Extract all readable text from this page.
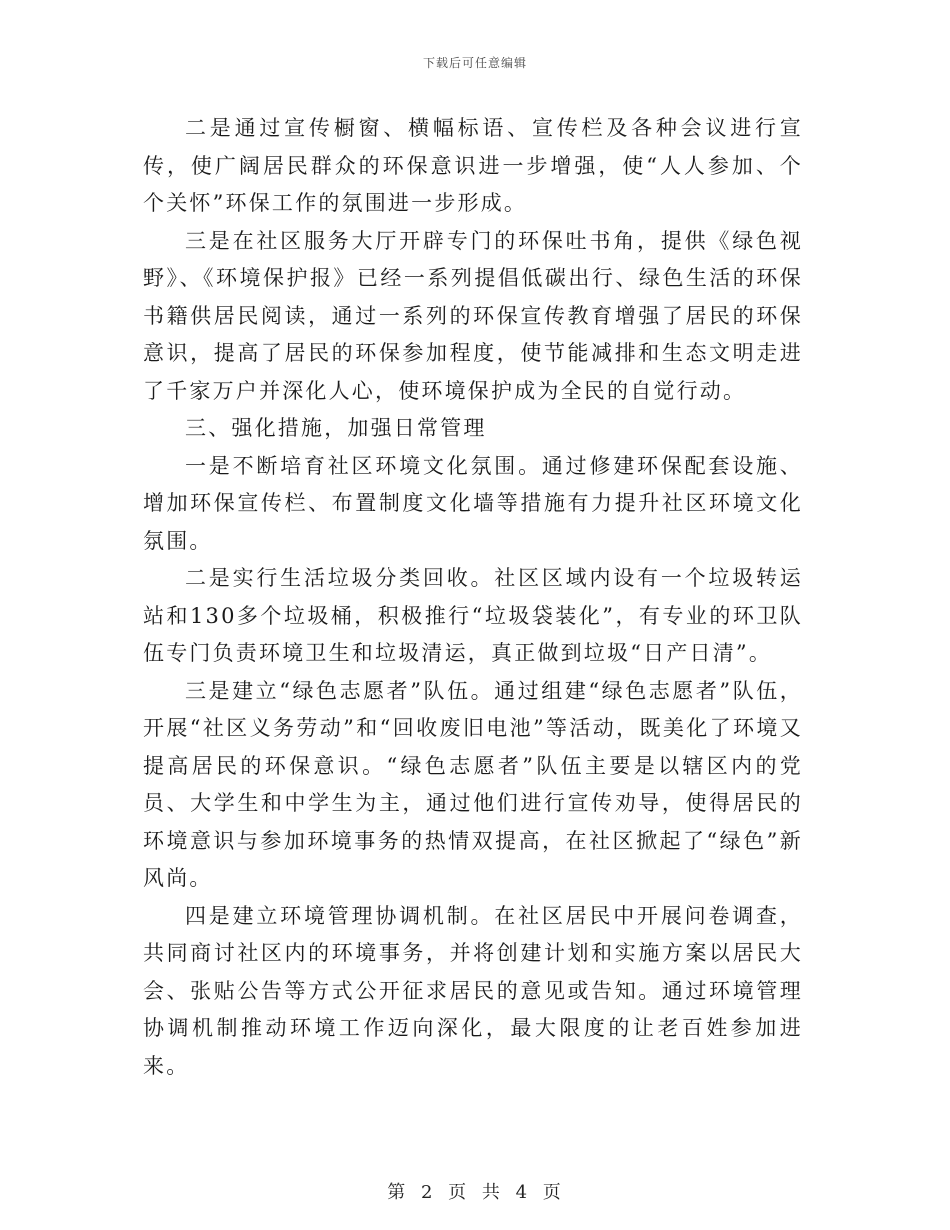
下载后可任意编辑

二是通过宣传橱窗、横幅标语、宣传栏及各种会议进行宣传，使广阔居民群众的环保意识进一步增强，使“人人参加、个个关怀”环保工作的氛围进一步形成。

三是在社区服务大厅开辟专门的环保吐书角，提供《绿色视野》、《环境保护报》已经一系列提倡低碳出行、绿色生活的环保书籍供居民阅读，通过一系列的环保宣传教育增强了居民的环保意识，提高了居民的环保参加程度，使节能减排和生态文明走进了千家万户并深化人心，使环境保护成为全民的自觉行动。

三、强化措施，加强日常管理

一是不断培育社区环境文化氛围。通过修建环保配套设施、增加环保宣传栏、布置制度文化墙等措施有力提升社区环境文化氛围。

二是实行生活垃圾分类回收。社区区域内设有一个垃圾转运站和130多个垃圾桶，积极推行“垃圾袋装化”，有专业的环卫队伍专门负责环境卫生和垃圾清运，真正做到垃圾“日产日清”。

三是建立“绿色志愿者”队伍。通过组建“绿色志愿者”队伍，开展“社区义务劳动”和“回收废旧电池”等活动，既美化了环境又提高居民的环保意识。“绿色志愿者”队伍主要是以辖区内的党员、大学生和中学生为主，通过他们进行宣传劝导，使得居民的环境意识与参加环境事务的热情双提高，在社区掀起了“绿色”新风尚。

四是建立环境管理协调机制。在社区居民中开展问卷调查，共同商讨社区内的环境事务，并将创建计划和实施方案以居民大会、张贴公告等方式公开征求居民的意见或告知。通过环境管理协调机制推动环境工作迈向深化，最大限度的让老百姓参加进来。

第 2 页 共 4 页
